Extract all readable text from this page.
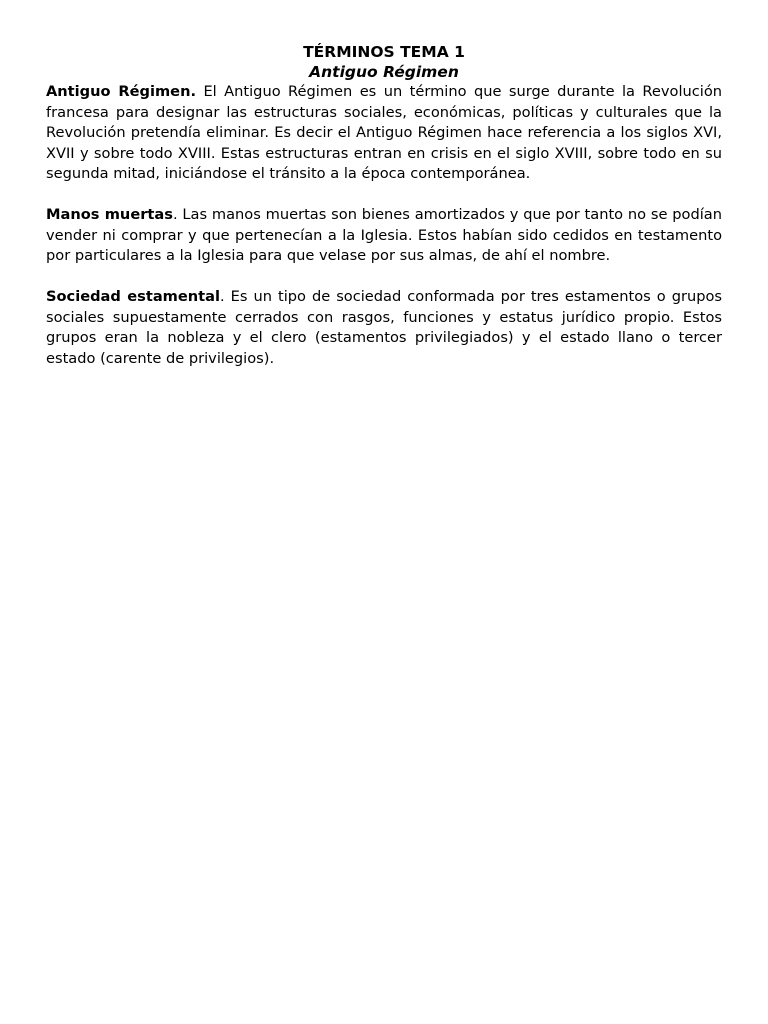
TÉRMINOS TEMA 1

Antiguo Régimen

Antiguo Régimen. El Antiguo Régimen es un término que surge durante la Revolución francesa para designar las estructuras sociales, económicas, políticas y culturales que la Revolución pretendía eliminar. Es decir el Antiguo Régimen hace referencia a los siglos XVI, XVII y sobre todo XVIII. Estas estructuras entran en crisis en el siglo XVIII, sobre todo en su segunda mitad, iniciándose el tránsito a la época contemporánea.

Manos muertas. Las manos muertas son bienes amortizados y que por tanto no se podían vender ni comprar y que pertenecían a la Iglesia. Estos habían sido cedidos en testamento por particulares a la Iglesia para que velase por sus almas, de ahí el nombre.

Sociedad estamental. Es un tipo de sociedad conformada por tres estamentos o grupos sociales supuestamente cerrados con rasgos, funciones y estatus jurídico propio. Estos grupos eran la nobleza y el clero (estamentos privilegiados) y el estado llano o tercer estado (carente de privilegios).
